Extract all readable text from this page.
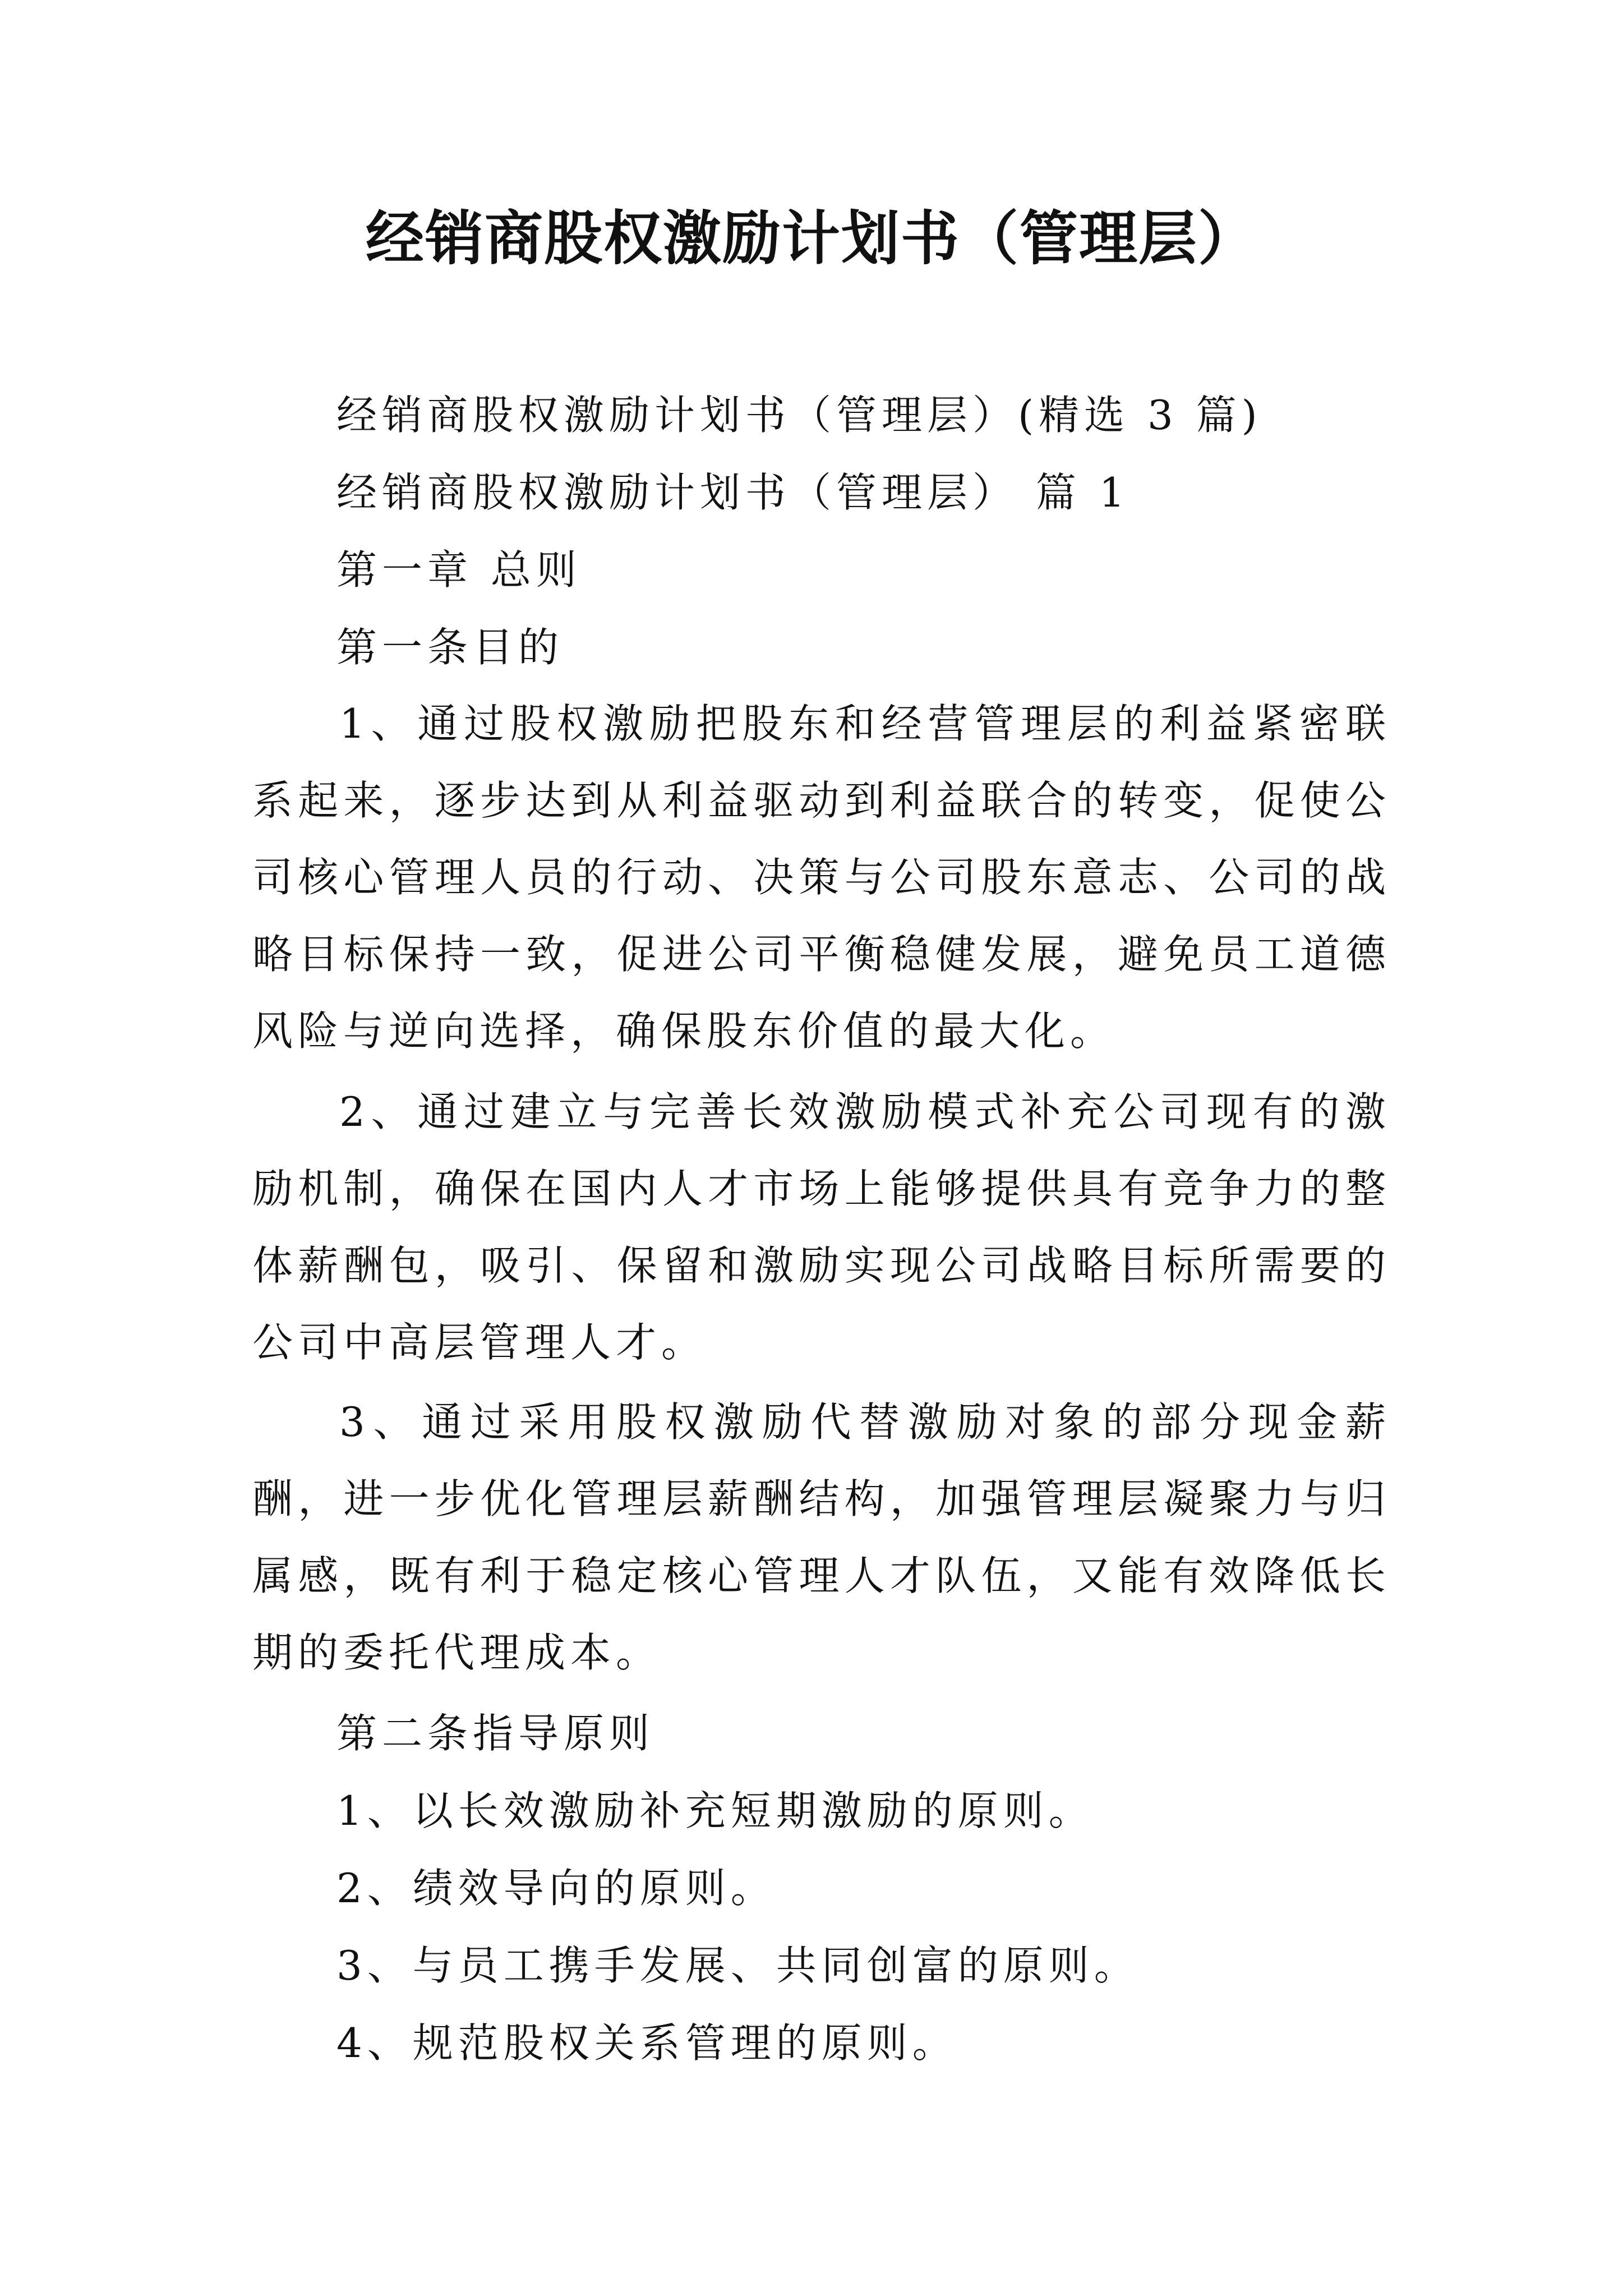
经销商股权激励计划书（管理层）

经销商股权激励计划书（管理层）(精选 3 篇)

经销商股权激励计划书（管理层） 篇 1

第一章 总则

第一条目的

1、通过股权激励把股东和经营管理层的利益紧密联系起来，逐步达到从利益驱动到利益联合的转变，促使公司核心管理人员的行动、决策与公司股东意志、公司的战略目标保持一致，促进公司平衡稳健发展，避免员工道德风险与逆向选择，确保股东价值的最大化。

2、通过建立与完善长效激励模式补充公司现有的激励机制，确保在国内人才市场上能够提供具有竞争力的整体薪酬包，吸引、保留和激励实现公司战略目标所需要的公司中高层管理人才。

3、通过采用股权激励代替激励对象的部分现金薪酬，进一步优化管理层薪酬结构，加强管理层凝聚力与归属感，既有利于稳定核心管理人才队伍，又能有效降低长期的委托代理成本。

第二条指导原则

1、以长效激励补充短期激励的原则。

2、绩效导向的原则。

3、与员工携手发展、共同创富的原则。

4、规范股权关系管理的原则。
